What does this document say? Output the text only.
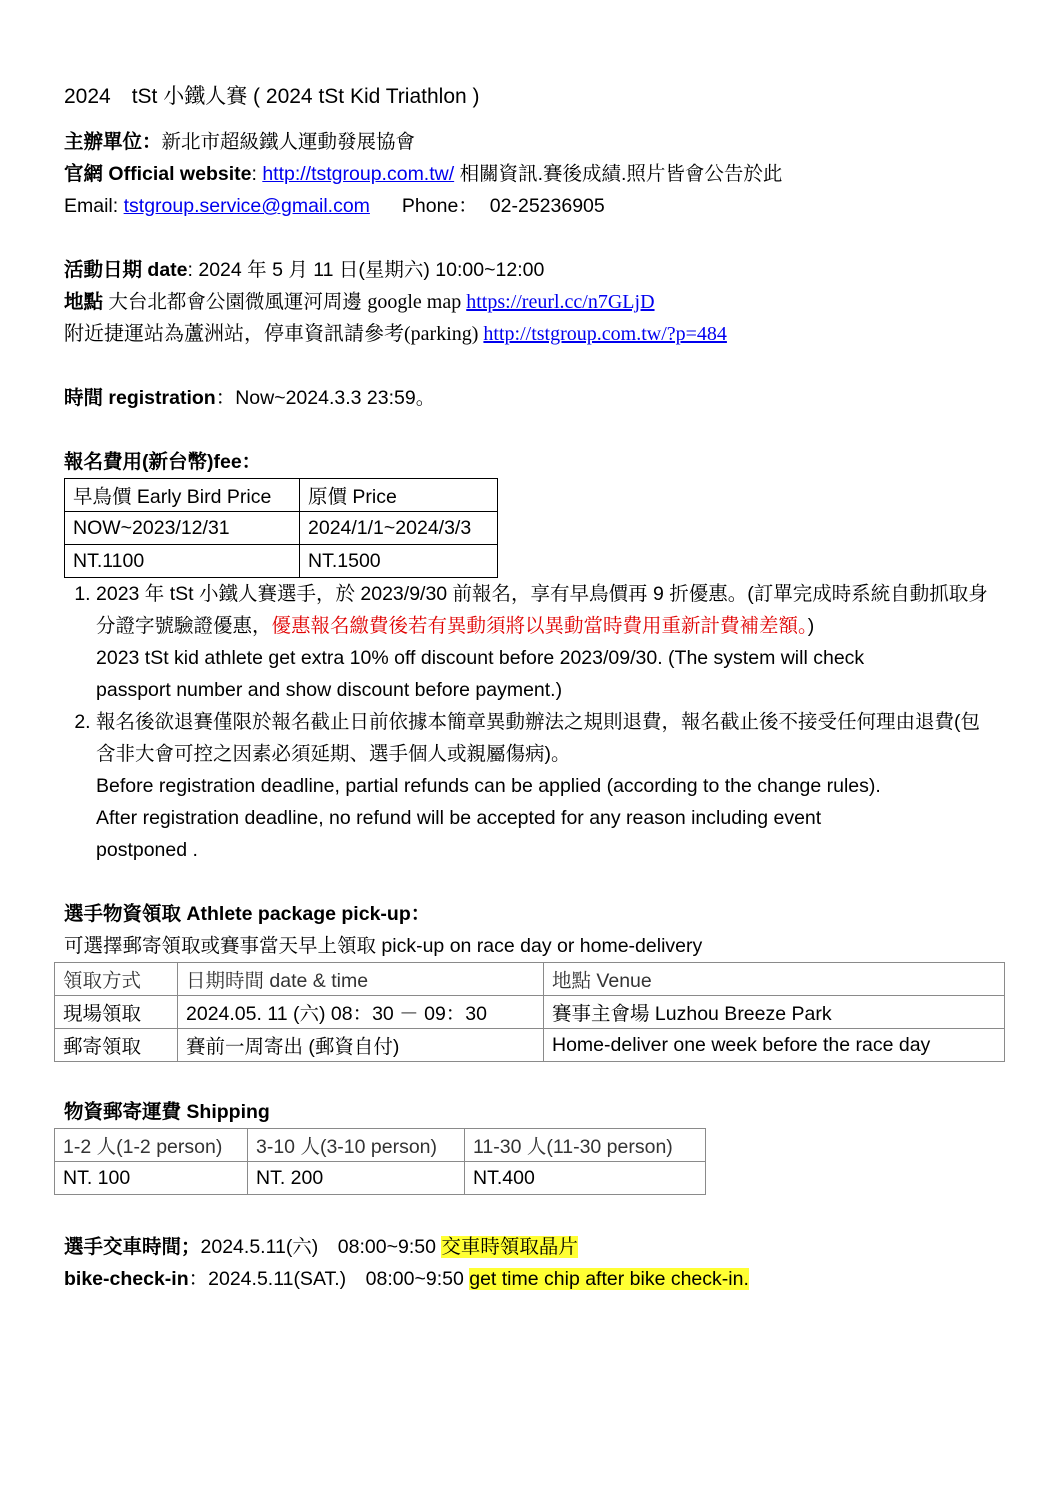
2024　tSt 小鐵人賽 ( 2024 tSt Kid Triathlon )
主辦單位：新北市超級鐵人運動發展協會
官網 Official website: http://tstgroup.com.tw/ 相關資訊.賽後成績.照片皆會公告於此
Email: tstgroup.service@gmail.com Phone： 02-25236905
活動日期 date: 2024 年 5 月 11 日(星期六) 10:00~12:00
地點 大台北都會公園微風運河周邊 google map https://reurl.cc/n7GLjD
附近捷運站為蘆洲站，停車資訊請參考(parking) http://tstgroup.com.tw/?p=484
時間 registration：Now~2024.3.3 23:59。
報名費用(新台幣)fee：
早鳥價 Early Bird Price	原價 Price
NOW~2023/12/31	2024/1/1~2024/3/3
NT.1100	NT.1500
1. 2023 年 tSt 小鐵人賽選手，於 2023/9/30 前報名，享有早鳥價再 9 折優惠。(訂單完成時系統自動抓取身分證字號驗證優惠，優惠報名繳費後若有異動須將以異動當時費用重新計費補差額。)
2023 tSt kid athlete get extra 10% off discount before 2023/09/30. (The system will check
passport number and show discount before payment.)
2. 報名後欲退賽僅限於報名截止日前依據本簡章異動辦法之規則退費，報名截止後不接受任何理由退費(包含非大會可控之因素必須延期、選手個人或親屬傷病)。
Before registration deadline, partial refunds can be applied (according to the change rules).
After registration deadline, no refund will be accepted for any reason including event
postponed .
選手物資領取 Athlete package pick-up：
可選擇郵寄領取或賽事當天早上領取 pick-up on race day or home-delivery
領取方式	日期時間 date & time	地點 Venue
現場領取	2024.05. 11 (六) 08：30 － 09：30	賽事主會場 Luzhou Breeze Park
郵寄領取	賽前一周寄出 (郵資自付)	Home-deliver one week before the race day
物資郵寄運費 Shipping
1-2 人(1-2 person)	3-10 人(3-10 person)	11-30 人(11-30 person)
NT. 100	NT. 200	NT.400
選手交車時間；2024.5.11(六)　08:00~9:50 交車時領取晶片
bike-check-in：2024.5.11(SAT.)　08:00~9:50 get time chip after bike check-in.
